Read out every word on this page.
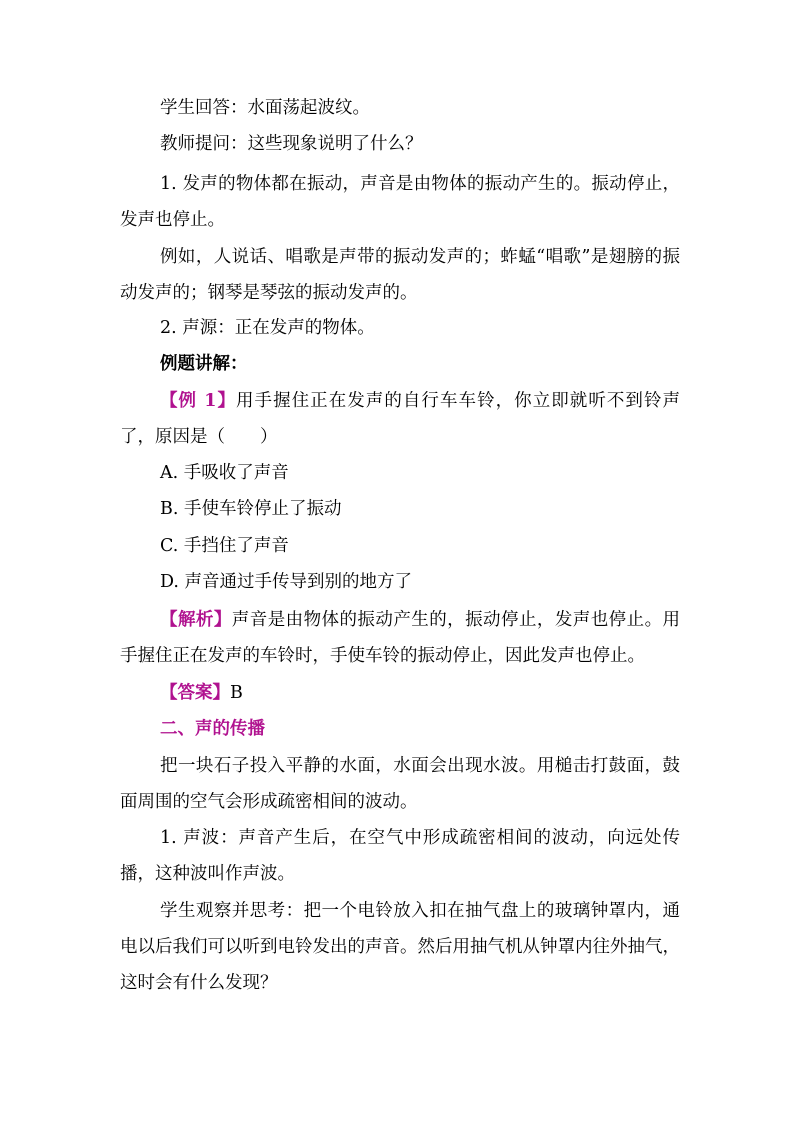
学生回答：水面荡起波纹。

教师提问：这些现象说明了什么？

1. 发声的物体都在振动，声音是由物体的振动产生的。振动停止，发声也停止。

例如，人说话、唱歌是声带的振动发声的；蚱蜢“唱歌”是翅膀的振动发声的；钢琴是琴弦的振动发声的。

2. 声源：正在发声的物体。

例题讲解：

【例 1】用手握住正在发声的自行车车铃，你立即就听不到铃声了，原因是（　　）

A. 手吸收了声音

B. 手使车铃停止了振动

C. 手挡住了声音

D. 声音通过手传导到别的地方了

【解析】声音是由物体的振动产生的，振动停止，发声也停止。用手握住正在发声的车铃时，手使车铃的振动停止，因此发声也停止。

【答案】B

二、声的传播

把一块石子投入平静的水面，水面会出现水波。用槌击打鼓面，鼓面周围的空气会形成疏密相间的波动。

1. 声波：声音产生后，在空气中形成疏密相间的波动，向远处传播，这种波叫作声波。

学生观察并思考：把一个电铃放入扣在抽气盘上的玻璃钟罩内，通电以后我们可以听到电铃发出的声音。然后用抽气机从钟罩内往外抽气，这时会有什么发现？
